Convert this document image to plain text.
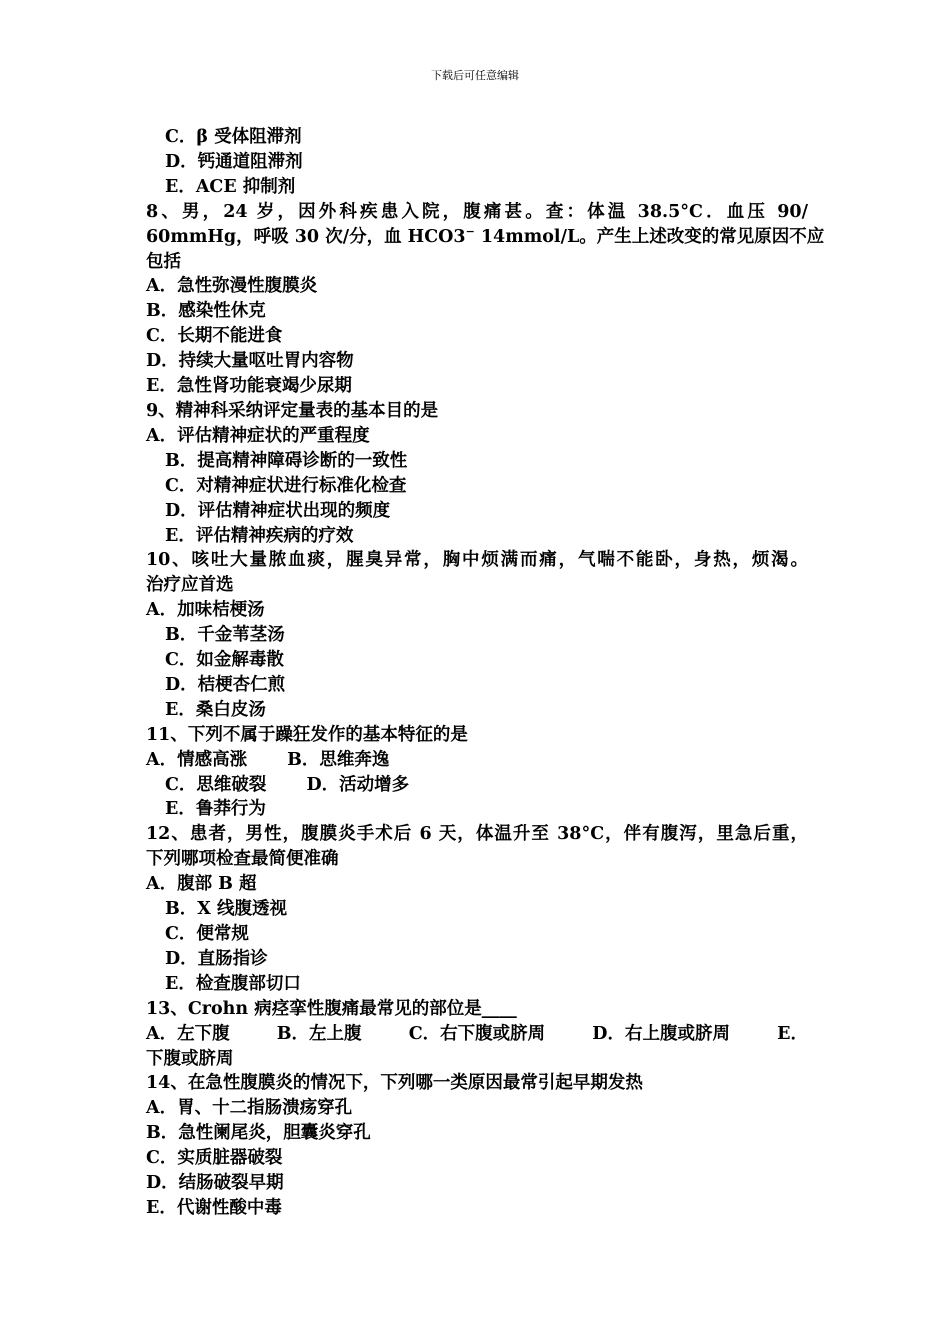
下载后可任意编辑
C．β 受体阻滞剂
D．钙通道阻滞剂
E．ACE 抑制剂
8、男，24 岁，因外科疾患入院，腹痛甚。查：体温 38.5°C．血压 90/
60mmHg，呼吸 30 次/分，血 HCO3− 14mmol/L。产生上述改变的常见原因不应
包括
A．急性弥漫性腹膜炎
B．感染性休克
C．长期不能进食
D．持续大量呕吐胃内容物
E．急性肾功能衰竭少尿期
9、精神科采纳评定量表的基本目的是
A．评估精神症状的严重程度
B．提高精神障碍诊断的一致性
C．对精神症状进行标准化检查
D．评估精神症状出现的频度
E．评估精神疾病的疗效
10、咳吐大量脓血痰，腥臭异常，胸中烦满而痛，气喘不能卧，身热，烦渴。
治疗应首选
A．加味桔梗汤
B．千金苇茎汤
C．如金解毒散
D．桔梗杏仁煎
E．桑白皮汤
11、下列不属于躁狂发作的基本特征的是
A．情感高涨 B．思维奔逸
C．思维破裂 D．活动增多
E．鲁莽行为
12、患者，男性，腹膜炎手术后 6 天，体温升至 38°C，伴有腹泻，里急后重，
下列哪项检查最简便准确
A．腹部 B 超
B．X 线腹透视
C．便常规
D．直肠指诊
E．检查腹部切口
13、Crohn 病痉挛性腹痛最常见的部位是____
A．左下腹	B．左上腹	C．右下腹或脐周	D．右上腹或脐周	E．
下腹或脐周
14、在急性腹膜炎的情况下，下列哪一类原因最常引起早期发热
A．胃、十二指肠溃疡穿孔
B．急性阑尾炎，胆囊炎穿孔
C．实质脏器破裂
D．结肠破裂早期
E．代谢性酸中毒
